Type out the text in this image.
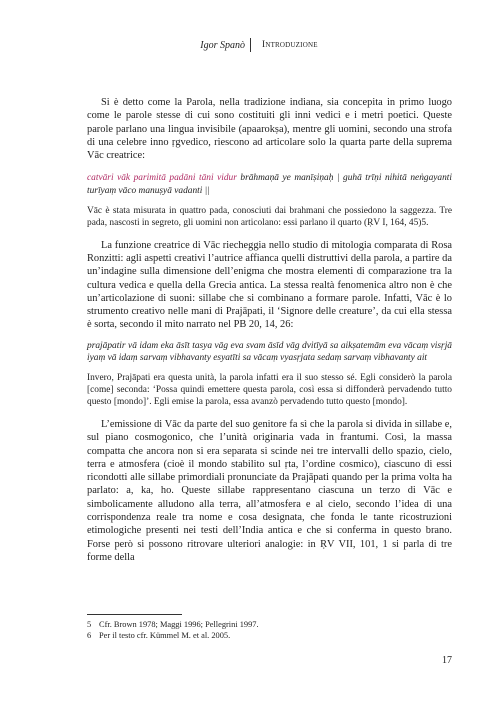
Igor Spanò Introduzione

Si è detto come la Parola, nella tradizione indiana, sia concepita in primo luogo come le parole stesse di cui sono costituiti gli inni vedici e i metri poetici. Queste parole parlano una lingua invisibile (apaarokṣa), mentre gli uomini, secondo una strofa di una celebre inno ṛgvedico, riescono ad articolare solo la quarta parte della suprema Vāc creatrice:

catvāri vāk parimitā padāni tāni vidur brāhmaṇā ye manīṣiṇaḥ | guhā trīṇi nihitā neṅgayanti turīyaṃ vāco manuṣyā vadanti ||

Vāc è stata misurata in quattro pada, conosciuti dai brahmani che possiedono la saggezza. Tre pada, nascosti in segreto, gli uomini non articolano: essi parlano il quarto (ṚV I, 164, 45)5.

La funzione creatrice di Vāc riecheggia nello studio di mitologia comparata di Rosa Ronzitti: agli aspetti creativi l’autrice affianca quelli distruttivi della parola, a partire da un’indagine sulla dimensione dell’enigma che mostra elementi di comparazione tra la cultura vedica e quella della Grecia antica. La stessa realtà fenomenica altro non è che un’articolazione di suoni: sillabe che si combinano a formare parole. Infatti, Vāc è lo strumento creativo nelle mani di Prajāpati, il ‘Signore delle creature’, da cui ella stessa è sorta, secondo il mito narrato nel PB 20, 14, 26:

prajāpatir vā idam eka āsīt tasya vāg eva svam āsīd vāg dvitīyā sa aikṣatemām eva vācaṃ visṛjā iyaṃ vā idaṃ sarvaṃ vibhavanty esyatīti sa vācaṃ vyasṛjata sedaṃ sarvaṃ vibhavanty ait

Invero, Prajāpati era questa unità, la parola infatti era il suo stesso sé. Egli considerò la parola [come] seconda: ‘Possa quindi emettere questa parola, così essa si diffonderà pervadendo tutto questo [mondo]’. Egli emise la parola, essa avanzò pervadendo tutto questo [mondo].

L’emissione di Vāc da parte del suo genitore fa sì che la parola si divida in sillabe e, sul piano cosmogonico, che l’unità originaria vada in frantumi. Così, la massa compatta che ancora non si era separata si scinde nei tre intervalli dello spazio, cielo, terra e atmosfera (cioè il mondo stabilito sul ṛta, l’ordine cosmico), ciascuno di essi ricondotti alle sillabe primordiali pronunciate da Prajāpati quando per la prima volta ha parlato: a, ka, ho. Queste sillabe rappresentano ciascuna un terzo di Vāc e simbolicamente alludono alla terra, all’atmosfera e al cielo, secondo l’idea di una corrispondenza reale tra nome e cosa designata, che fonda le tante ricostruzioni etimologiche presenti nei testi dell’India antica e che si conferma in questo brano. Forse però si possono ritrovare ulteriori analogie: in ṚV VII, 101, 1 si parla di tre forme della

5 Cfr. Brown 1978; Maggi 1996; Pellegrini 1997.
6 Per il testo cfr. Kümmel M. et al. 2005.
17
